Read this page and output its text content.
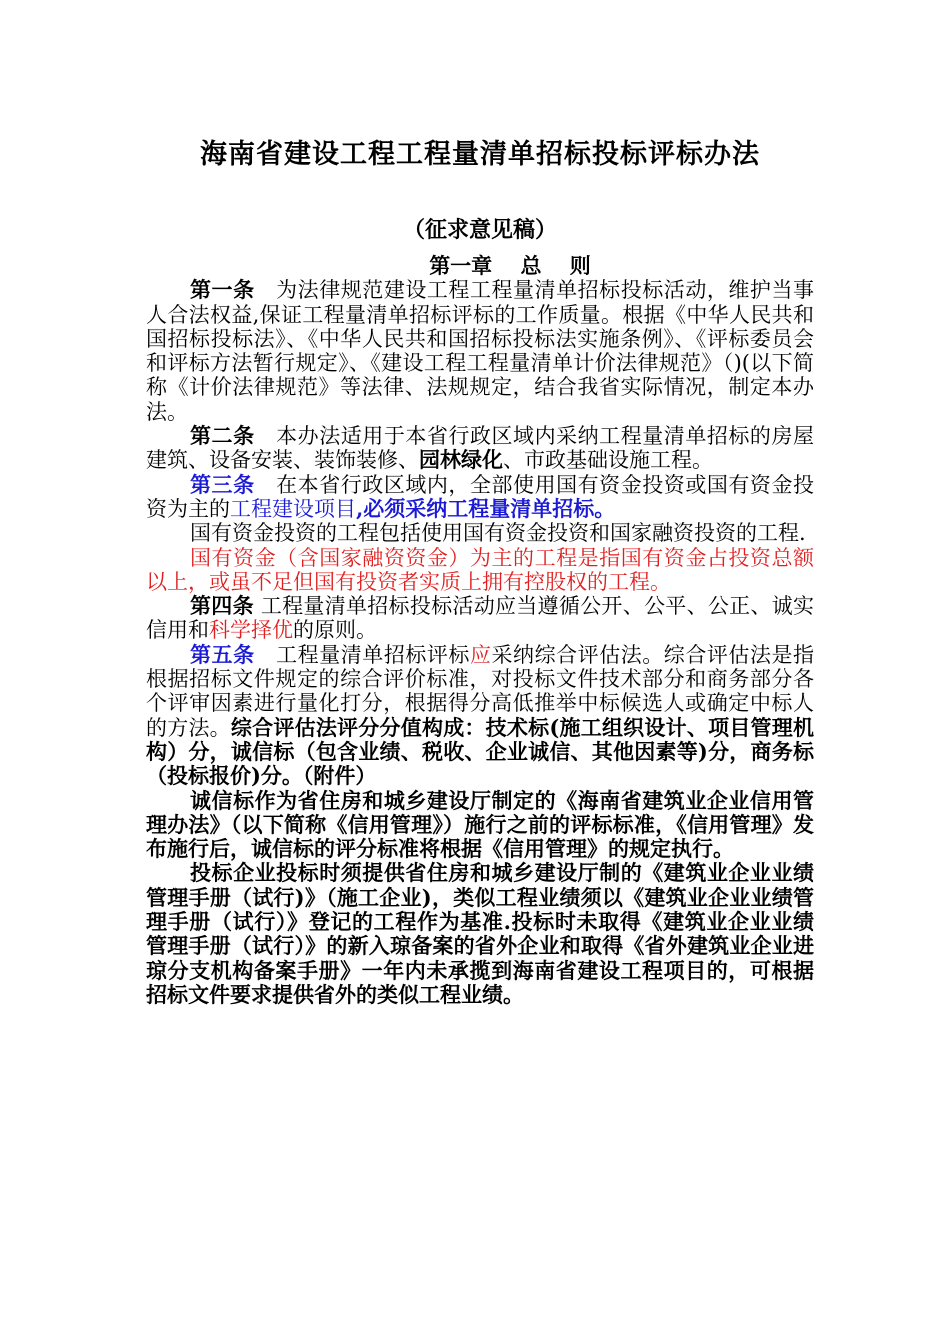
海南省建设工程工程量清单招标投标评标办法
（征求意见稿）
第一章　 总　 则

第一条　为法律规范建设工程工程量清单招标投标活动，维护当事人合法权益,保证工程量清单招标评标的工作质量。根据《中华人民共和国招标投标法》、《中华人民共和国招标投标法实施条例》、《评标委员会和评标方法暂行规定》、《建设工程工程量清单计价法律规范》（)(以下简称《计价法律规范》等法律、法规规定，结合我省实际情况，制定本办法。

第二条　本办法适用于本省行政区域内采纳工程量清单招标的房屋建筑、设备安装、装饰装修、园林绿化、市政基础设施工程。

第三条　在本省行政区域内，全部使用国有资金投资或国有资金投资为主的工程建设项目,必须采纳工程量清单招标。

国有资金投资的工程包括使用国有资金投资和国家融资投资的工程.

国有资金（含国家融资资金）为主的工程是指国有资金占投资总额以上，或虽不足但国有投资者实质上拥有控股权的工程。

第四条 工程量清单招标投标活动应当遵循公开、公平、公正、诚实信用和科学择优的原则。

第五条　工程量清单招标评标应采纳综合评估法。综合评估法是指根据招标文件规定的综合评价标准，对投标文件技术部分和商务部分各个评审因素进行量化打分，根据得分高低推举中标候选人或确定中标人的方法。综合评估法评分分值构成：技术标(施工组织设计、项目管理机构）分，诚信标（包含业绩、税收、企业诚信、其他因素等)分，商务标（投标报价)分。（附件）

诚信标作为省住房和城乡建设厅制定的《海南省建筑业企业信用管理办法》（以下简称《信用管理》）施行之前的评标标准，《信用管理》发布施行后，诚信标的评分标准将根据《信用管理》的规定执行。

投标企业投标时须提供省住房和城乡建设厅制的《建筑业企业业绩管理手册（试行)》（施工企业)，类似工程业绩须以《建筑业企业业绩管理手册（试行）》登记的工程作为基准.投标时未取得《建筑业企业业绩管理手册（试行）》的新入琼备案的省外企业和取得《省外建筑业企业进琼分支机构备案手册》一年内未承揽到海南省建设工程项目的，可根据招标文件要求提供省外的类似工程业绩。
